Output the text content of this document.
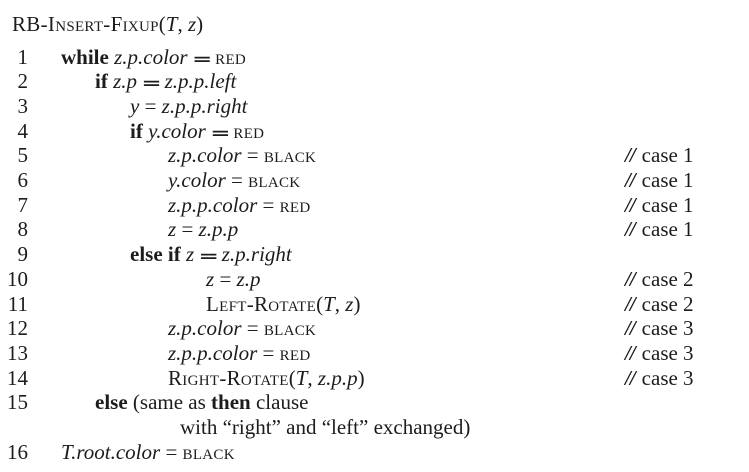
RB-Insert-Fixup(T, z)
1 while z.p.color == red
2	if z.p == z.p.p.left
3	y = z.p.p.right
4	if y.color == red
5	z.p.color = black	// case 1
6	y.color = black	// case 1
7	z.p.p.color = red	// case 1
8	z = z.p.p	// case 1
9	else if z == z.p.right
10	z = z.p	// case 2
11	Left-Rotate(T, z)	// case 2
12	z.p.color = black	// case 3
13	z.p.p.color = red	// case 3
14	Right-Rotate(T, z.p.p)	// case 3
15	else (same as then clause
with “right” and “left” exchanged)
16 T.root.color = black
